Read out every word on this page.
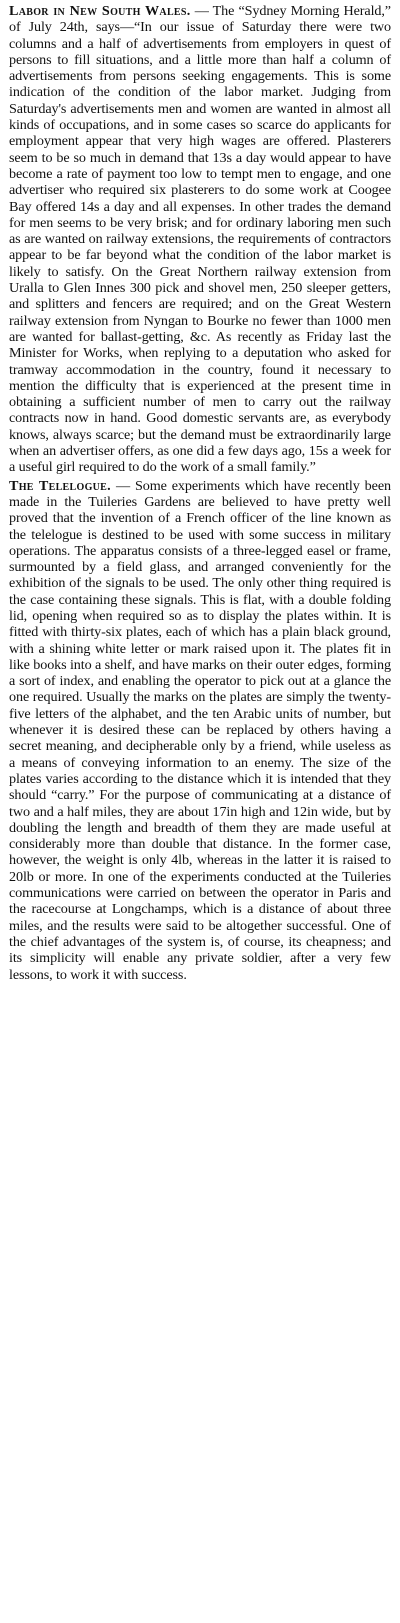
Labor in New South Wales. — The “Sydney Morning Herald,” of July 24th, says—“In our issue of Saturday there were two columns and a half of advertisements from employers in quest of persons to fill situations, and a little more than half a column of advertisements from persons seeking engagements. This is some indication of the condition of the labor market. Judging from Saturday's advertisements men and women are wanted in almost all kinds of occupations, and in some cases so scarce do applicants for employment appear that very high wages are offered. Plasterers seem to be so much in demand that 13s a day would appear to have become a rate of payment too low to tempt men to engage, and one advertiser who required six plasterers to do some work at Coogee Bay offered 14s a day and all expenses. In other trades the demand for men seems to be very brisk; and for ordinary laboring men such as are wanted on railway extensions, the requirements of contractors appear to be far beyond what the condition of the labor market is likely to satisfy. On the Great Northern railway extension from Uralla to Glen Innes 300 pick and shovel men, 250 sleeper getters, and splitters and fencers are required; and on the Great Western railway extension from Nyngan to Bourke no fewer than 1000 men are wanted for ballast-getting, &c. As recently as Friday last the Minister for Works, when replying to a deputation who asked for tramway accommodation in the country, found it necessary to mention the difficulty that is experienced at the present time in obtaining a sufficient number of men to carry out the railway contracts now in hand. Good domestic servants are, as everybody knows, always scarce; but the demand must be extraordinarily large when an advertiser offers, as one did a few days ago, 15s a week for a useful girl required to do the work of a small family.”

The Telelogue. — Some experiments which have recently been made in the Tuileries Gardens are believed to have pretty well proved that the invention of a French officer of the line known as the telelogue is destined to be used with some success in military operations. The apparatus consists of a three-legged easel or frame, surmounted by a field glass, and arranged conveniently for the exhibition of the signals to be used. The only other thing required is the case containing these signals. This is flat, with a double folding lid, opening when required so as to display the plates within. It is fitted with thirty-six plates, each of which has a plain black ground, with a shining white letter or mark raised upon it. The plates fit in like books into a shelf, and have marks on their outer edges, forming a sort of index, and enabling the operator to pick out at a glance the one required. Usually the marks on the plates are simply the twenty-five letters of the alphabet, and the ten Arabic units of number, but whenever it is desired these can be replaced by others having a secret meaning, and decipherable only by a friend, while useless as a means of conveying information to an enemy. The size of the plates varies according to the distance which it is intended that they should “carry.” For the purpose of communicating at a distance of two and a half miles, they are about 17in high and 12in wide, but by doubling the length and breadth of them they are made useful at considerably more than double that distance. In the former case, however, the weight is only 4lb, whereas in the latter it is raised to 20lb or more. In one of the experiments conducted at the Tuileries communications were carried on between the operator in Paris and the racecourse at Longchamps, which is a distance of about three miles, and the results were said to be altogether successful. One of the chief advantages of the system is, of course, its cheapness; and its simplicity will enable any private soldier, after a very few lessons, to work it with success.
